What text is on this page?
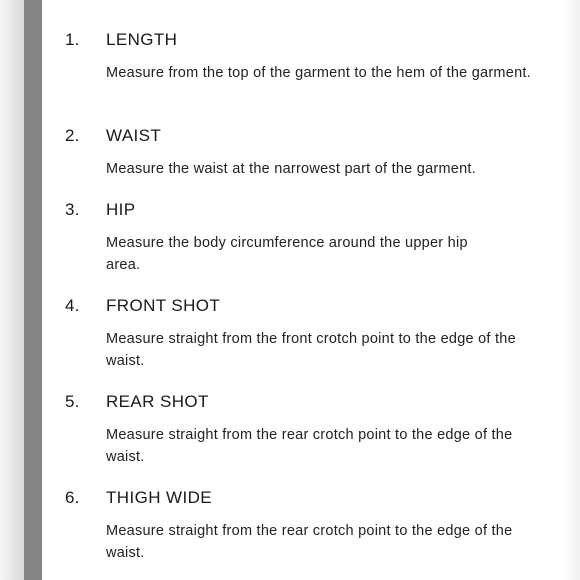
1. LENGTH
Measure from the top of the garment to the hem of the garment.
2. WAIST
Measure the waist at the narrowest part of the garment.
3. HIP
Measure the body circumference around the upper hip area.
4. FRONT SHOT
Measure straight from the front crotch point to the edge of the waist.
5. REAR SHOT
Measure straight from the rear crotch point to the edge of the waist.
6. THIGH WIDE
Measure straight from the rear crotch point to the edge of the waist.
